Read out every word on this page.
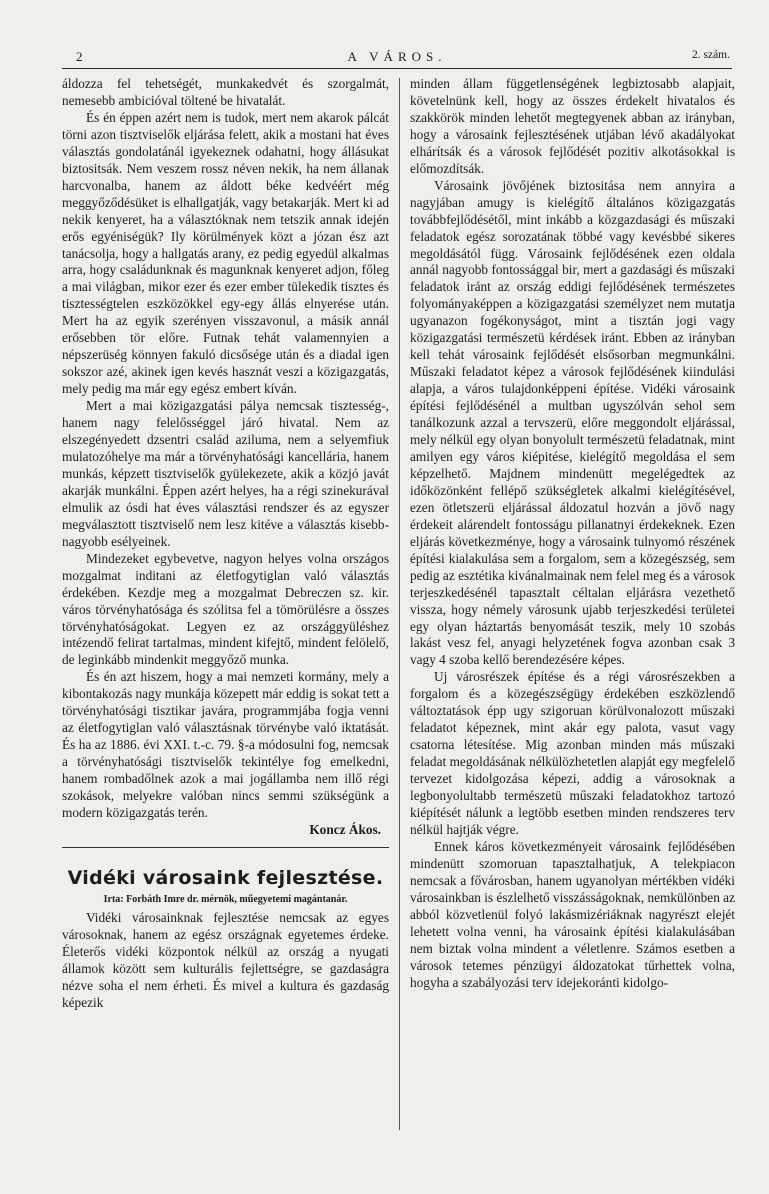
2	A VÁROS.	2. szám.

áldozza fel tehetségét, munkakedvét és szorgalmát, nemesebb ambicióval töltené be hivatalát.

És én éppen azért nem is tudok, mert nem akarok pálcát törni azon tisztviselők eljárása felett, akik a mostani hat éves választás gondolatánál igyekeznek odahatni, hogy állásukat biztositsák. Nem veszem rossz néven nekik, ha nem állanak harcvonalba, hanem az áldott béke kedvéért még meggyőződésüket is elhallgatják, vagy betakarják. Mert ki ad nekik kenyeret, ha a választóknak nem tetszik annak idején erős egyéniségük? Ily körülmények közt a józan ész azt tanácsolja, hogy a hallgatás arany, ez pedig egyedül alkalmas arra, hogy családunknak és magunknak kenyeret adjon, főleg a mai világban, mikor ezer és ezer ember tülekedik tisztes és tisztességtelen eszközökkel egy-egy állás elnyerése után. Mert ha az egyik szerényen visszavonul, a másik annál erősebben tör előre. Futnak tehát valamennyien a népszerüség könnyen fakuló dicsősége után és a diadal igen sokszor azé, akinek igen kevés hasznát veszi a közigazgatás, mely pedig ma már egy egész embert kíván.

Mert a mai közigazgatási pálya nemcsak tisztesség-, hanem nagy felelősséggel járó hivatal. Nem az elszegényedett dzsentri család aziluma, nem a selyemfiuk mulatozóhelye ma már a törvényhatósági kancellária, hanem munkás, képzett tisztviselők gyülekezete, akik a közjó javát akarják munkálni. Éppen azért helyes, ha a régi szinekurával elmulik az ósdi hat éves választási rendszer és az egyszer megválasztott tisztviselő nem lesz kitéve a választás kisebb-nagyobb esélyeinek.

Mindezeket egybevetve, nagyon helyes volna országos mozgalmat inditani az életfogytiglan való választás érdekében. Kezdje meg a mozgalmat Debreczen sz. kir. város törvényhatósága és szólitsa fel a tömörülésre a összes törvényhatóságokat. Legyen ez az országgyüléshez intézendő felirat tartalmas, mindent kifejtő, mindent felölelő, de leginkább mindenkit meggyőző munka.

És én azt hiszem, hogy a mai nemzeti kormány, mely a kibontakozás nagy munkája közepett már eddig is sokat tett a törvényhatósági tisztikar javára, programmjába fogja venni az életfogytiglan való választásnak törvénybe való iktatását. És ha az 1886. évi XXI. t.-c. 79. §-a módosulni fog, nemcsak a törvényhatósági tisztviselők tekintélye fog emelkedni, hanem rombadőlnek azok a mai jogállamba nem illő régi szokások, melyekre valóban nincs semmi szükségünk a modern közigazgatás terén.

Koncz Ákos.

Vidéki városaink fejlesztése.
Irta: Forbáth Imre dr. mérnök, műegyetemi magántanár.

Vidéki városainknak fejlesztése nemcsak az egyes városoknak, hanem az egész országnak egyetemes érdeke. Életerős vidéki központok nélkül az ország a nyugati államok között sem kulturális fejlettségre, se gazdaságra nézve soha el nem érheti. És mivel a kultura és gazdaság képezik

minden állam függetlenségének legbiztosabb alapjait, követelnünk kell, hogy az összes érdekelt hivatalos és szakkörök minden lehetőt megtegyenek abban az irányban, hogy a városaink fejlesztésének utjában lévő akadályokat elhárítsák és a városok fejlődését pozitiv alkotásokkal is előmozdítsák.

Városaink jövőjének biztositása nem annyira a nagyjában amugy is kielégítő általános közigazgatás továbbfejlődésétől, mint inkább a közgazdasági és műszaki feladatok egész sorozatának többé vagy kevésbbé sikeres megoldásától függ. Városaink fejlődésének ezen oldala annál nagyobb fontossággal bir, mert a gazdasági és műszaki feladatok iránt az ország eddigi fejlődésének természetes folyományaképpen a közigazgatási személyzet nem mutatja ugyanazon fogékonyságot, mint a tisztán jogi vagy közigazgatási természetü kérdések iránt. Ebben az irányban kell tehát városaink fejlődését elsősorban megmunkálni. Műszaki feladatot képez a városok fejlődésének kiindulási alapja, a város tulajdonképpeni építése. Vidéki városaink építési fejlődésénél a multban ugyszólván sehol sem tanálkozunk azzal a tervszerü, előre meggondolt eljárással, mely nélkül egy olyan bonyolult természetü feladatnak, mint amilyen egy város kiépitése, kielégítő megoldása el sem képzelhető. Majdnem mindenütt megelégedtek az időközönként fellépő szükségletek alkalmi kielégítésével, ezen ötletszerü eljárással áldozatul hozván a jövő nagy érdekeit alárendelt fontosságu pillanatnyi érdekeknek. Ezen eljárás következménye, hogy a városaink tulnyomó részének építési kialakulása sem a forgalom, sem a közegészség, sem pedig az esztétika kivánalmainak nem felel meg és a városok terjeszkedésénél tapasztalt céltalan eljárásra vezethető vissza, hogy némely városunk ujabb terjeszkedési területei egy olyan háztartás benyomását teszik, mely 10 szobás lakást vesz fel, anyagi helyzetének fogva azonban csak 3 vagy 4 szoba kellő berendezésére képes.

Uj városrészek építése és a régi városrészekben a forgalom és a közegészségügy érdekében eszközlendő változtatások épp ugy szigoruan körülvonalozott műszaki feladatot képeznek, mint akár egy palota, vasut vagy csatorna létesítése. Mig azonban minden más műszaki feladat megoldásának nélkülözhetetlen alapját egy megfelelő tervezet kidolgozása képezi, addig a városoknak a legbonyolultabb természetü műszaki feladatokhoz tartozó kiépítését nálunk a legtöbb esetben minden rendszeres terv nélkül hajtják végre.

Ennek káros következményeit városaink fejlődésében mindenütt szomoruan tapasztalhatjuk, A telekpiacon nemcsak a fővárosban, hanem ugyanolyan mértékben vidéki városainkban is észlelhető visszásságoknak, nemkülönben az abból közvetlenül folyó lakásmizériáknak nagyrészt elejét lehetett volna venni, ha városaink építési kialakulásában nem biztak volna mindent a véletlenre. Számos esetben a városok tetemes pénzügyi áldozatokat tűrhettek volna, hogyha a szabályozási terv idejekoránti kidolgo-
